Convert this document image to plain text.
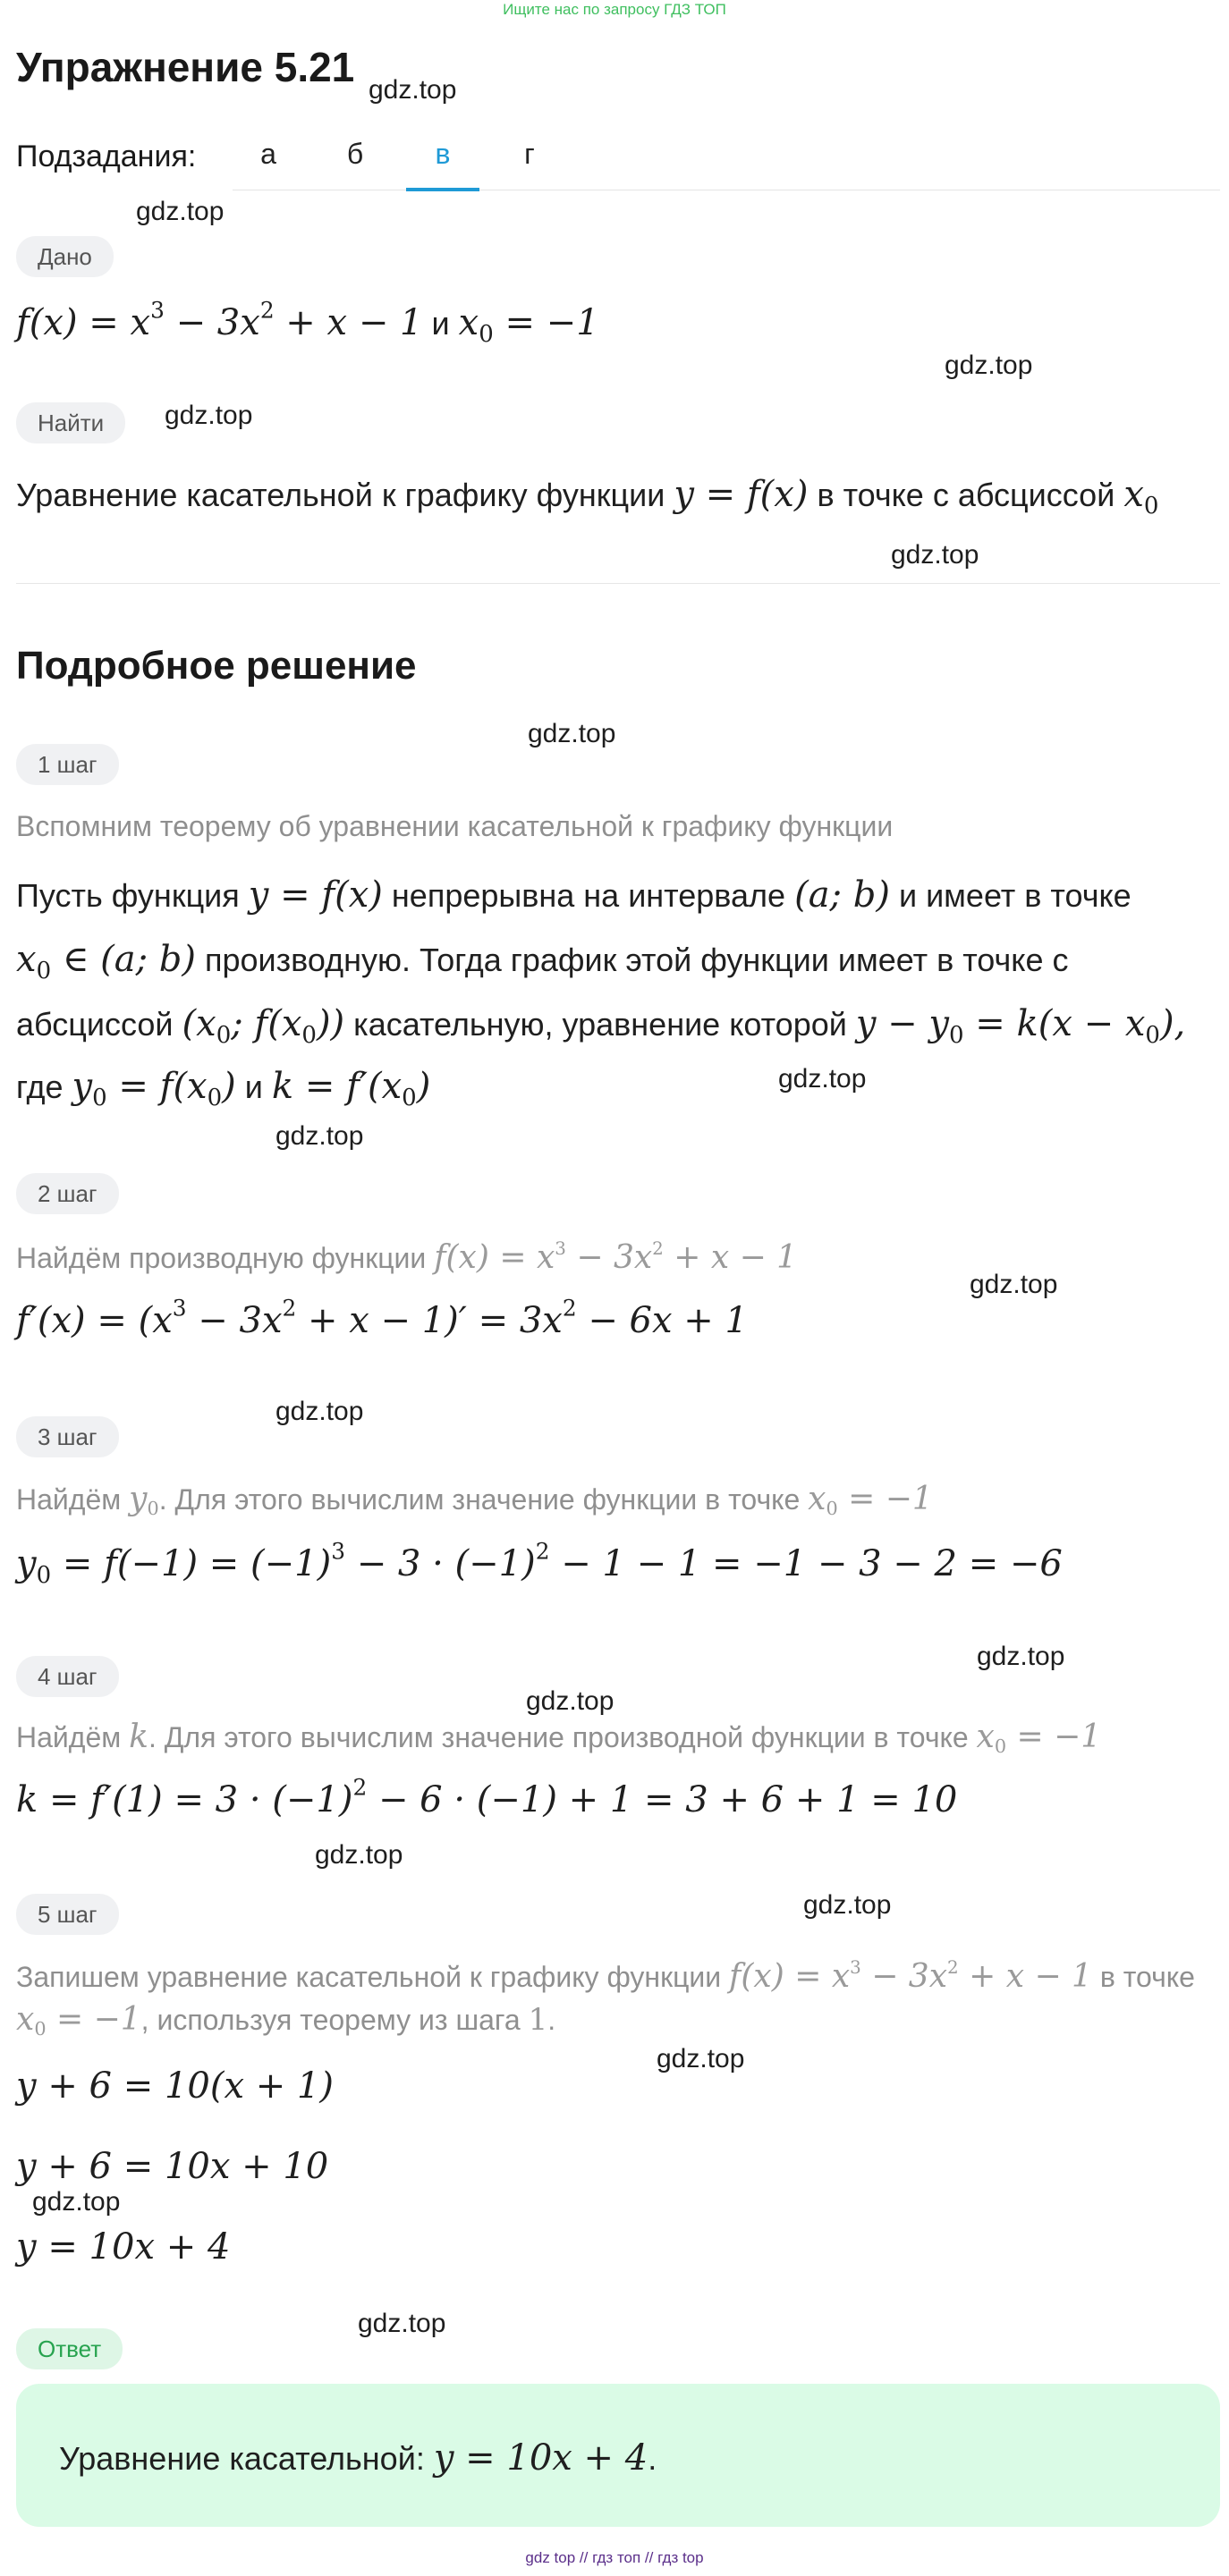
Ищите нас по запросу ГДЗ ТОП
Упражнение 5.21 gdz.top
gdz.top
gdz.top
gdz.top
gdz.top
gdz.top
gdz.top
gdz.top
gdz.top
gdz.top
gdz.top
gdz.top
gdz.top
gdz.top
gdz.top
gdz.top
gdz.top
Подзадания:	а	б	в	г
Дано
$f(x) = x^3 - 3x^2 + x - 1$ и $x_0 = -1$
Найти
Уравнение касательной к графику функции y = f(x) в точке с абсциссой $x_0$
Подробное решение
1 шаг
Вспомним теорему об уравнении касательной к графику функции
Пусть функция y = f(x) непрерывна на интервале (a; b) и имеет в точке
$x_0$ ∈ (a; b) производную. Тогда график этой функции имеет в точке с
абсциссой ($x_0$; $f(x_0)$) касательную, уравнение которой $y - y_0 = k(x - x_0)$,
где $y_0 = f(x_0)$ и $k = f'(x_0)$
2 шаг
Найдём производную функции $f(x) = x^3 - 3x^2 + x - 1$
$f'(x) = (x^3 - 3x^2 + x - 1)' = 3x^2 - 6x + 1$
3 шаг
Найдём $y_0$. Для этого вычислим значение функции в точке $x_0 = -1$
$y_0 = f(-1) = (-1)^3 - 3 \cdot (-1)^2 - 1 - 1 = -1 - 3 - 2 = -6$
4 шаг
Найдём k. Для этого вычислим значение производной функции в точке $x_0 = -1$
$k = f'(1) = 3 \cdot (-1)^2 - 6 \cdot (-1) + 1 = 3 + 6 + 1 = 10$
5 шаг
Запишем уравнение касательной к графику функции $f(x) = x^3 - 3x^2 + x - 1$ в точке
$x_0 = -1$, используя теорему из шага 1.
y + 6 = 10(x + 1)
y + 6 = 10x + 10
y = 10x + 4
Ответ
Уравнение касательной: y = 10x + 4.
gdz top // гдз топ // гдз top
